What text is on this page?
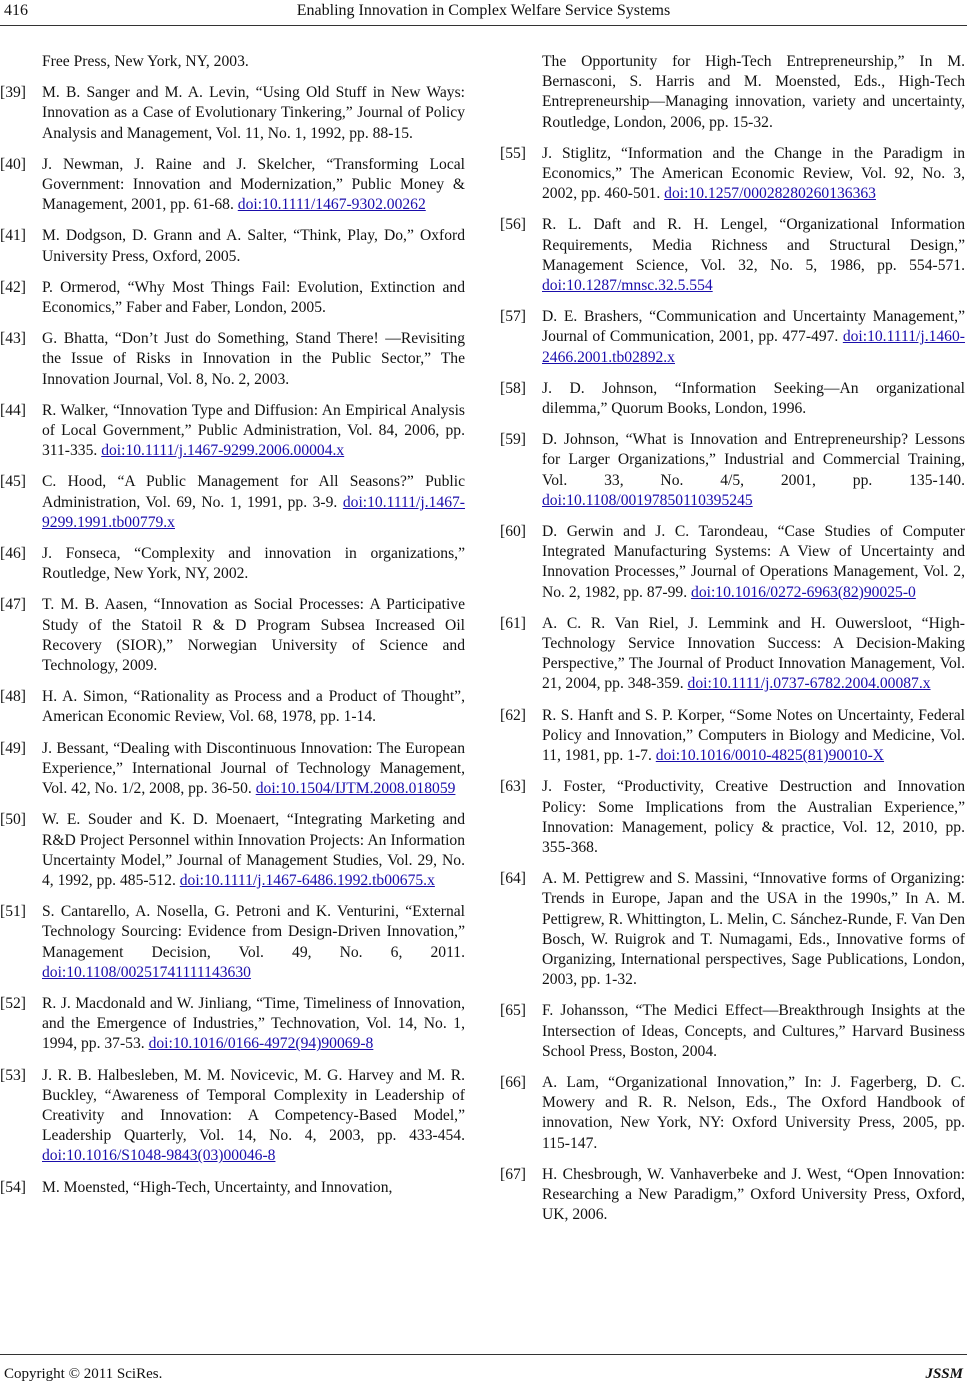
416	Enabling Innovation in Complex Welfare Service Systems
Free Press, New York, NY, 2003.
[39]	M. B. Sanger and M. A. Levin, “Using Old Stuff in New Ways: Innovation as a Case of Evolutionary Tinkering,” Journal of Policy Analysis and Management, Vol. 11, No. 1, 1992, pp. 88-15.
[40]	J. Newman, J. Raine and J. Skelcher, “Transforming Local Government: Innovation and Modernization,” Public Money & Management, 2001, pp. 61-68. doi:10.1111/1467-9302.00262
[41]	M. Dodgson, D. Grann and A. Salter, “Think, Play, Do,” Oxford University Press, Oxford, 2005.
[42]	P. Ormerod, “Why Most Things Fail: Evolution, Extinction and Economics,” Faber and Faber, London, 2005.
[43]	G. Bhatta, “Don’t Just do Something, Stand There! —Revisiting the Issue of Risks in Innovation in the Public Sector,” The Innovation Journal, Vol. 8, No. 2, 2003.
[44]	R. Walker, “Innovation Type and Diffusion: An Empirical Analysis of Local Government,” Public Administration, Vol. 84, 2006, pp. 311-335. doi:10.1111/j.1467-9299.2006.00004.x
[45]	C. Hood, “A Public Management for All Seasons?” Public Administration, Vol. 69, No. 1, 1991, pp. 3-9. doi:10.1111/j.1467-9299.1991.tb00779.x
[46]	J. Fonseca, “Complexity and innovation in organizations,” Routledge, New York, NY, 2002.
[47]	T. M. B. Aasen, “Innovation as Social Processes: A Participative Study of the Statoil R & D Program Subsea Increased Oil Recovery (SIOR),” Norwegian University of Science and Technology, 2009.
[48]	H. A. Simon, “Rationality as Process and a Product of Thought”, American Economic Review, Vol. 68, 1978, pp. 1-14.
[49]	J. Bessant, “Dealing with Discontinuous Innovation: The European Experience,” International Journal of Technology Management, Vol. 42, No. 1/2, 2008, pp. 36-50. doi:10.1504/IJTM.2008.018059
[50]	W. E. Souder and K. D. Moenaert, “Integrating Marketing and R&D Project Personnel within Innovation Projects: An Information Uncertainty Model,” Journal of Management Studies, Vol. 29, No. 4, 1992, pp. 485-512. doi:10.1111/j.1467-6486.1992.tb00675.x
[51]	S. Cantarello, A. Nosella, G. Petroni and K. Venturini, “External Technology Sourcing: Evidence from Design-Driven Innovation,” Management Decision, Vol. 49, No. 6, 2011. doi:10.1108/00251741111143630
[52]	R. J. Macdonald and W. Jinliang, “Time, Timeliness of Innovation, and the Emergence of Industries,” Technovation, Vol. 14, No. 1, 1994, pp. 37-53. doi:10.1016/0166-4972(94)90069-8
[53]	J. R. B. Halbesleben, M. M. Novicevic, M. G. Harvey and M. R. Buckley, “Awareness of Temporal Complexity in Leadership of Creativity and Innovation: A Competency-Based Model,” Leadership Quarterly, Vol. 14, No. 4, 2003, pp. 433-454. doi:10.1016/S1048-9843(03)00046-8
[54]	M. Moensted, “High-Tech, Uncertainty, and Innovation,
The Opportunity for High-Tech Entrepreneurship,” In M. Bernasconi, S. Harris and M. Moensted, Eds., High-Tech Entrepreneurship—Managing innovation, variety and uncertainty, Routledge, London, 2006, pp. 15-32.
[55]	J. Stiglitz, “Information and the Change in the Paradigm in Economics,” The American Economic Review, Vol. 92, No. 3, 2002, pp. 460-501. doi:10.1257/00028280260136363
[56]	R. L. Daft and R. H. Lengel, “Organizational Information Requirements, Media Richness and Structural Design,” Management Science, Vol. 32, No. 5, 1986, pp. 554-571. doi:10.1287/mnsc.32.5.554
[57]	D. E. Brashers, “Communication and Uncertainty Management,” Journal of Communication, 2001, pp. 477-497. doi:10.1111/j.1460-2466.2001.tb02892.x
[58]	J. D. Johnson, “Information Seeking—An organizational dilemma,” Quorum Books, London, 1996.
[59]	D. Johnson, “What is Innovation and Entrepreneurship? Lessons for Larger Organizations,” Industrial and Commercial Training, Vol. 33, No. 4/5, 2001, pp. 135-140. doi:10.1108/00197850110395245
[60]	D. Gerwin and J. C. Tarondeau, “Case Studies of Computer Integrated Manufacturing Systems: A View of Uncertainty and Innovation Processes,” Journal of Operations Management, Vol. 2, No. 2, 1982, pp. 87-99. doi:10.1016/0272-6963(82)90025-0
[61]	A. C. R. Van Riel, J. Lemmink and H. Ouwersloot, “High-Technology Service Innovation Success: A Decision-Making Perspective,” The Journal of Product Innovation Management, Vol. 21, 2004, pp. 348-359. doi:10.1111/j.0737-6782.2004.00087.x
[62]	R. S. Hanft and S. P. Korper, “Some Notes on Uncertainty, Federal Policy and Innovation,” Computers in Biology and Medicine, Vol. 11, 1981, pp. 1-7. doi:10.1016/0010-4825(81)90010-X
[63]	J. Foster, “Productivity, Creative Destruction and Innovation Policy: Some Implications from the Australian Experience,” Innovation: Management, policy & practice, Vol. 12, 2010, pp. 355-368.
[64]	A. M. Pettigrew and S. Massini, “Innovative forms of Organizing: Trends in Europe, Japan and the USA in the 1990s,” In A. M. Pettigrew, R. Whittington, L. Melin, C. Sánchez-Runde, F. Van Den Bosch, W. Ruigrok and T. Numagami, Eds., Innovative forms of Organizing, International perspectives, Sage Publications, London, 2003, pp. 1-32.
[65]	F. Johansson, “The Medici Effect—Breakthrough Insights at the Intersection of Ideas, Concepts, and Cultures,” Harvard Business School Press, Boston, 2004.
[66]	A. Lam, “Organizational Innovation,” In: J. Fagerberg, D. C. Mowery and R. R. Nelson, Eds., The Oxford Handbook of innovation, New York, NY: Oxford University Press, 2005, pp. 115-147.
[67]	H. Chesbrough, W. Vanhaverbeke and J. West, “Open Innovation: Researching a New Paradigm,” Oxford University Press, Oxford, UK, 2006.
Copyright © 2011 SciRes.	JSSM
